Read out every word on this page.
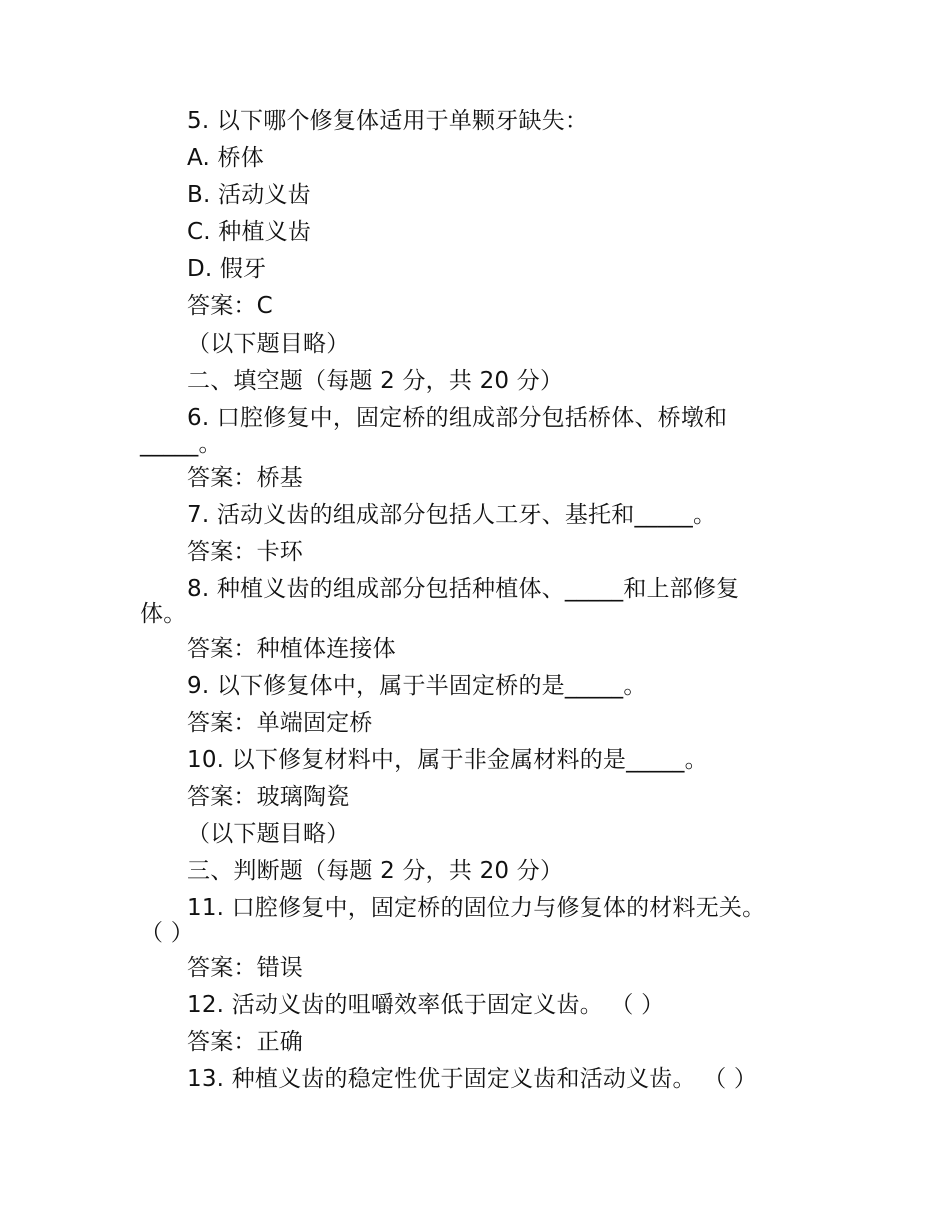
5. 以下哪个修复体适用于单颗牙缺失：
A. 桥体
B. 活动义齿
C. 种植义齿
D. 假牙
答案：C
（以下题目略）
二、填空题（每题 2 分，共 20 分）
6. 口腔修复中，固定桥的组成部分包括桥体、桥墩和
_____。
答案：桥基
7. 活动义齿的组成部分包括人工牙、基托和_____。
答案：卡环
8. 种植义齿的组成部分包括种植体、_____和上部修复
体。
答案：种植体连接体
9. 以下修复体中，属于半固定桥的是_____。
答案：单端固定桥
10. 以下修复材料中，属于非金属材料的是_____。
答案：玻璃陶瓷
（以下题目略）
三、判断题（每题 2 分，共 20 分）
11. 口腔修复中，固定桥的固位力与修复体的材料无关。
（ ）
答案：错误
12. 活动义齿的咀嚼效率低于固定义齿。 （ ）
答案：正确
13. 种植义齿的稳定性优于固定义齿和活动义齿。 （ ）
